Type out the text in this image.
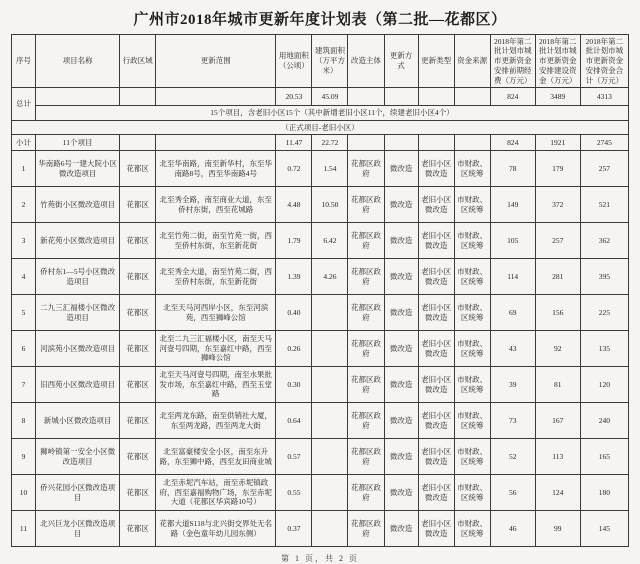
广州市2018年城市更新年度计划表（第二批—花都区）
序号	项目名称	行政区域	更新范围	用地面积（公顷）	建筑面积（万平方米）	改造主体	更新方式	更新类型	资金来源	2018年第二批计划市城市更新资金安排前期经费（万元）	2018年第二批计划市城市更新资金安排建设资金（万元）	2018年第二批计划市城市更新资金安排资金合计（万元）
总计				20.53	45.09					824	3489	4313
	15个项目，含老旧小区15个（其中新增老旧小区11个，续建老旧小区4个）											
（正式项目-老旧小区）												
小计	11个项目			11.47	22.72					824	1921	2745
1	华南路6号一建大院小区微改造项目	花都区	北至华南路，南至新华村，东至华南路8号，西至华南路4号	0.72	1.54	花都区政府	微改造	老旧小区微改造	市财政、区统筹	78	179	257
2	竹苑街小区微改造项目	花都区	北至秀全路，南至商业大道，东至侨村东街，西至花城路	4.48	10.50	花都区政府	微改造	老旧小区微改造	市财政、区统筹	149	372	521
3	新花苑小区微改造项目	花都区	北至竹苑二街，南至竹苑一街，西至侨村东街，东至新花街	1.79	6.42	花都区政府	微改造	老旧小区微改造	市财政、区统筹	105	257	362
4	侨村东1—5号小区微改造项目	花都区	北至秀全大道，南至竹苑二街，西至侨村东街，东至新花街	1.39	4.26	花都区政府	微改造	老旧小区微改造	市财政、区统筹	114	281	395
5	二九三汇福楼小区微改造项目	花都区	北至天马河西岸小区，东至河滨苑，西至狮峰公馆	0.40		花都区政府	微改造	老旧小区微改造	市财政、区统筹	69	156	225
6	河滨苑小区微改造项目	花都区	北至二九三汇福楼小区，南至天马河壹号四期，东至嘉红中路，西至狮峰公馆	0.26		花都区政府	微改造	老旧小区微改造	市财政、区统筹	43	92	135
7	旧西苑小区微改造项目	花都区	北至天马河壹号四期，南至水果批发市场，东至嘉红中路，西至玉堂路	0.30		花都区政府	微改造	老旧小区微改造	市财政、区统筹	39	81	120
8	新城小区微改造项目	花都区	北至两龙东路，南至供销社大厦，东至两龙路，西至两龙大街	0.64		花都区政府	微改造	老旧小区微改造	市财政、区统筹	73	167	240
9	狮岭镇第一安全小区微改造项目	花都区	北至富豪楼安全小区，南至东升路，东至狮中路，西至友田商业城	0.57		花都区政府	微改造	老旧小区微改造	市财政、区统筹	52	113	165
10	侨兴花园小区微改造项目	花都区	北至赤坭汽车站，南至赤坭镇政府，西至嘉福购物广场，东至赤坭大道（花都区华宾路10号）	0.55		花都区政府	微改造	老旧小区微改造	市财政、区统筹	56	124	180
11	北兴巨龙小区微改造项目	花都区	花都大道S118与北兴街交界处无名路（金色童年幼儿园东侧）	0.37		花都区政府	微改造	老旧小区微改造	市财政、区统筹	46	99	145
第 1 页，共 2 页
